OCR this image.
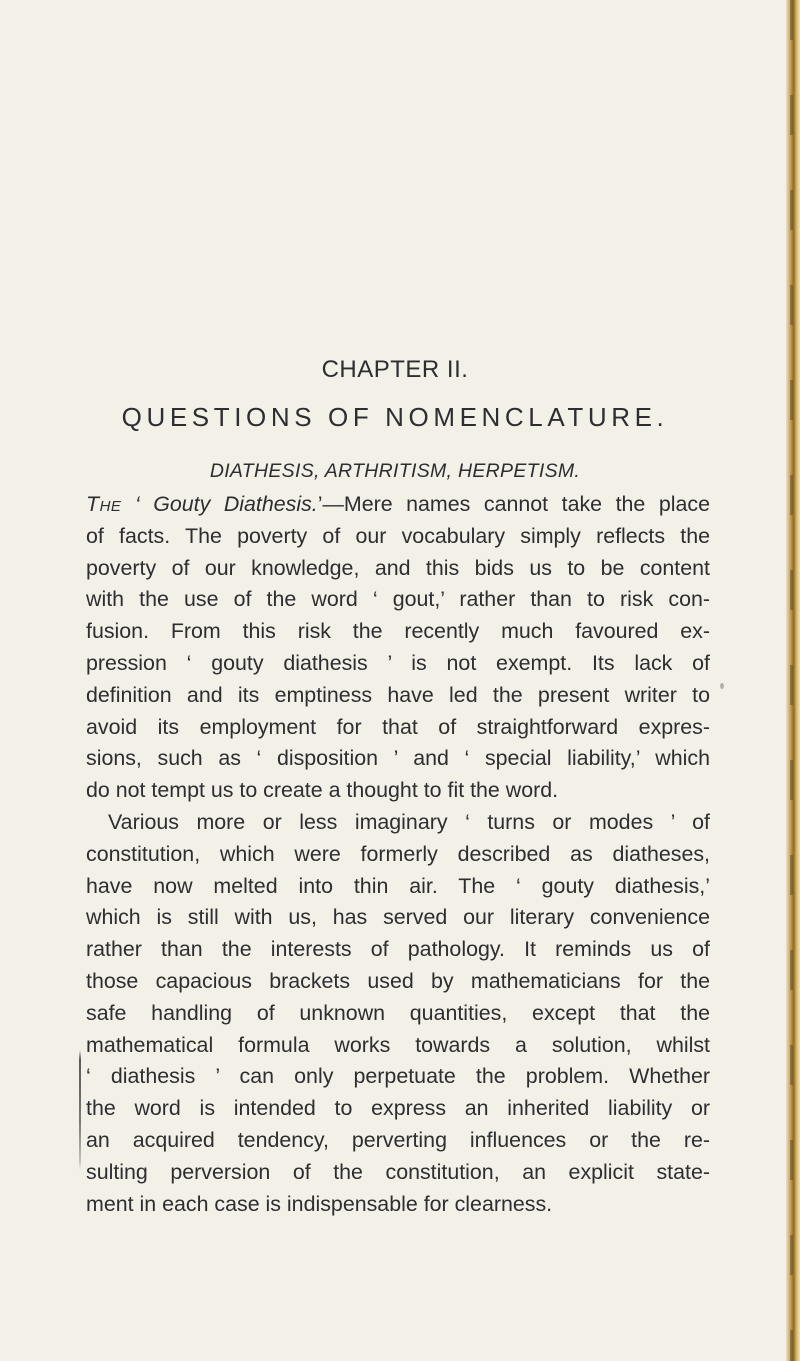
CHAPTER II.
QUESTIONS OF NOMENCLATURE.
DIATHESIS, ARTHRITISM, HERPETISM.
The ‘ Gouty Diathesis.’—Mere names cannot take the place
of facts. The poverty of our vocabulary simply reflects the
poverty of our knowledge, and this bids us to be content
with the use of the word ‘ gout,’ rather than to risk con-
fusion. From this risk the recently much favoured ex-
pression ‘ gouty diathesis ’ is not exempt. Its lack of
definition and its emptiness have led the present writer to
avoid its employment for that of straightforward expres-
sions, such as ‘ disposition ’ and ‘ special liability,’ which
do not tempt us to create a thought to fit the word.
Various more or less imaginary ‘ turns or modes ’ of
constitution, which were formerly described as diatheses,
have now melted into thin air. The ‘ gouty diathesis,’
which is still with us, has served our literary convenience
rather than the interests of pathology. It reminds us of
those capacious brackets used by mathematicians for the
safe handling of unknown quantities, except that the
mathematical formula works towards a solution, whilst
‘ diathesis ’ can only perpetuate the problem. Whether
the word is intended to express an inherited liability or
an acquired tendency, perverting influences or the re-
sulting perversion of the constitution, an explicit state-
ment in each case is indispensable for clearness.
